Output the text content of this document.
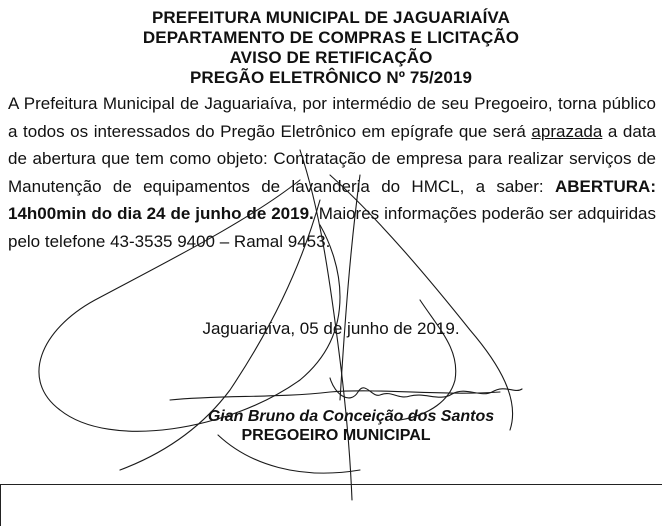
PREFEITURA MUNICIPAL DE JAGUARIAÍVA
DEPARTAMENTO DE COMPRAS E LICITAÇÃO
AVISO DE RETIFICAÇÃO
PREGÃO ELETRÔNICO Nº 75/2019

A Prefeitura Municipal de Jaguariaíva, por intermédio de seu Pregoeiro, torna público a todos os interessados do Pregão Eletrônico em epígrafe que será aprazada a data de abertura que tem como objeto: Contratação de empresa para realizar serviços de Manutenção de equipamentos de lavanderia do HMCL, a saber: ABERTURA: 14h00min do dia 24 de junho de 2019. Maiores informações poderão ser adquiridas pelo telefone 43-3535 9400 – Ramal 9453.

Jaguariaíva, 05 de junho de 2019.
Gian Bruno da Conceição dos Santos
PREGOEIRO MUNICIPAL
